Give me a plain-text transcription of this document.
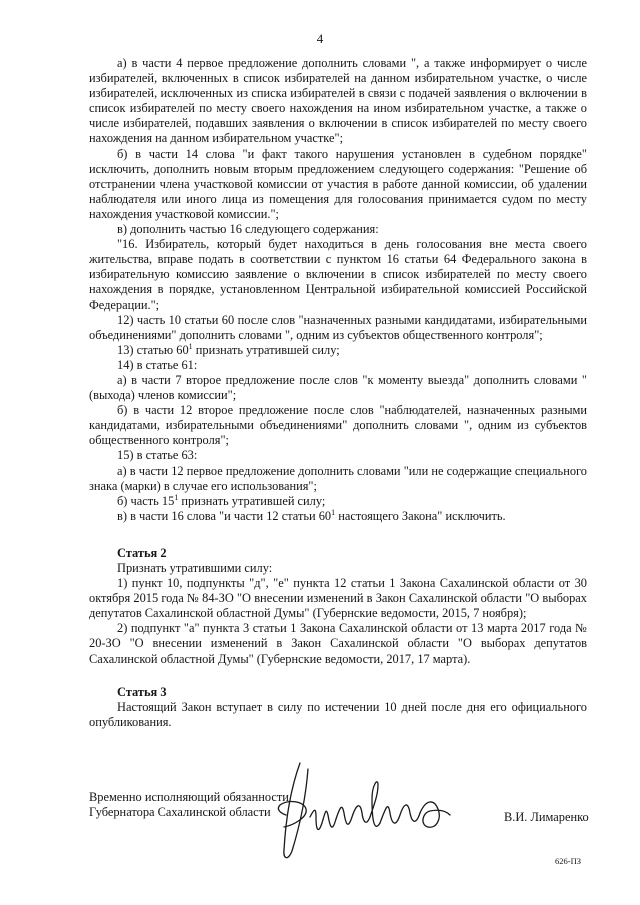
4

а) в части 4 первое предложение дополнить словами ", а также информирует о числе избирателей, включенных в список избирателей на данном избирательном участке, о числе избирателей, исключенных из списка избирателей в связи с подачей заявления о включении в список избирателей по месту своего нахождения на ином избирательном участке, а также о числе избирателей, подавших заявления о включении в список избирателей по месту своего нахождения на данном избирательном участке";

б) в части 14 слова "и факт такого нарушения установлен в судебном порядке" исключить, дополнить новым вторым предложением следующего содержания: "Решение об отстранении члена участковой комиссии от участия в работе данной комиссии, об удалении наблюдателя или иного лица из помещения для голосования принимается судом по месту нахождения участковой комиссии.";

в) дополнить частью 16 следующего содержания:

"16. Избиратель, который будет находиться в день голосования вне места своего жительства, вправе подать в соответствии с пунктом 16 статьи 64 Федерального закона в избирательную комиссию заявление о включении в список избирателей по месту своего нахождения в порядке, установленном Центральной избирательной комиссией Российской Федерации.";

12) часть 10 статьи 60 после слов "назначенных разными кандидатами, избирательными объединениями" дополнить словами ", одним из субъектов общественного контроля";

13) статью $60^1$ признать утратившей силу;

14) в статье 61:

а) в части 7 второе предложение после слов "к моменту выезда" дополнить словами "(выхода) членов комиссии";

б) в части 12 второе предложение после слов "наблюдателей, назначенных разными кандидатами, избирательными объединениями" дополнить словами ", одним из субъектов общественного контроля";

15) в статье 63:

а) в части 12 первое предложение дополнить словами "или не содержащие специального знака (марки) в случае его использования";

б) часть $15^1$ признать утратившей силу;

в) в части 16 слова "и части 12 статьи $60^1$ настоящего Закона" исключить.

Статья 2

Признать утратившими силу:

1) пункт 10, подпункты "д", "е" пункта 12 статьи 1 Закона Сахалинской области от 30 октября 2015 года № 84-ЗО "О внесении изменений в Закон Сахалинской области "О выборах депутатов Сахалинской областной Думы" (Губернские ведомости, 2015, 7 ноября);

2) подпункт "а" пункта 3 статьи 1 Закона Сахалинской области от 13 марта 2017 года № 20-ЗО "О внесении изменений в Закон Сахалинской области "О выборах депутатов Сахалинской областной Думы" (Губернские ведомости, 2017, 17 марта).

Статья 3

Настоящий Закон вступает в силу по истечении 10 дней после дня его официального опубликования.

Временно исполняющий обязанности
Губернатора Сахалинской области	В.И. Лимаренко
626-ПЗ
